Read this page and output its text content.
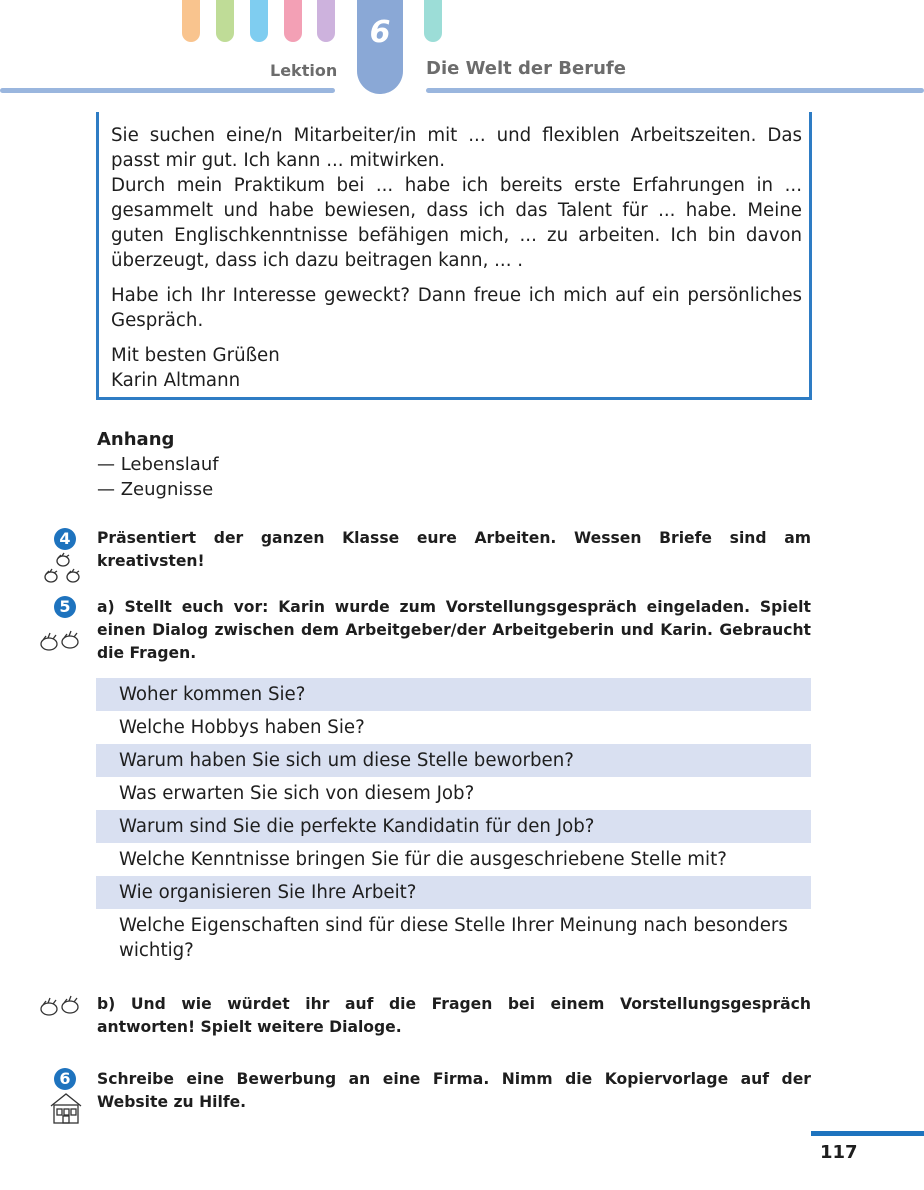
6
Lektion	Die Welt der Berufe

Sie suchen eine/n Mitarbeiter/in mit ... und flexiblen Arbeitszeiten. Das passt mir gut. Ich kann ... mitwirken.

Durch mein Praktikum bei ... habe ich bereits erste Erfahrungen in ... gesammelt und habe bewiesen, dass ich das Talent für ... habe. Meine guten Englischkenntnisse befähigen mich, ... zu arbeiten. Ich bin davon überzeugt, dass ich dazu beitragen kann, ... .

Habe ich Ihr Interesse geweckt? Dann freue ich mich auf ein persönliches Gespräch.

Mit besten Grüßen

Karin Altmann

Anhang
— Lebenslauf
— Zeugnisse
4	Präsentiert der ganzen Klasse eure Arbeiten. Wessen Briefe sind am kreativsten!
5	a) Stellt euch vor: Karin wurde zum Vorstellungsgespräch eingeladen. Spielt einen Dialog zwischen dem Arbeitgeber/der Arbeitgeberin und Karin. Gebraucht die Fragen.
Woher kommen Sie?
Welche Hobbys haben Sie?
Warum haben Sie sich um diese Stelle beworben?
Was erwarten Sie sich von diesem Job?
Warum sind Sie die perfekte Kandidatin für den Job?
Welche Kenntnisse bringen Sie für die ausgeschriebene Stelle mit?
Wie organisieren Sie Ihre Arbeit?
Welche Eigenschaften sind für diese Stelle Ihrer Meinung nach besonders wichtig?
b) Und wie würdet ihr auf die Fragen bei einem Vorstellungsgespräch antworten! Spielt weitere Dialoge.
6	Schreibe eine Bewerbung an eine Firma. Nimm die Kopiervorlage auf der Website zu Hilfe.
117
